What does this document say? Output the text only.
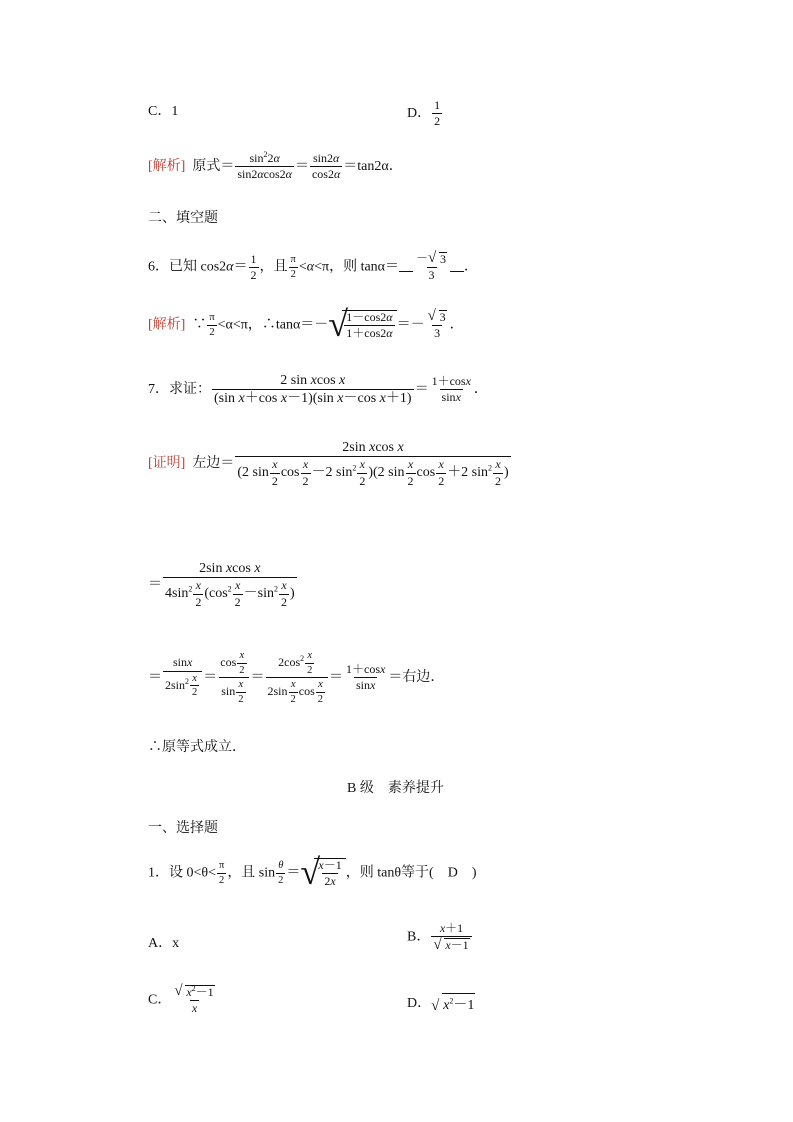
C．1	D． $\frac{1}{2}$
[解析] 原式＝ $\frac{\sin^22\alpha}{\sin 2\alpha\cos 2\alpha} = \frac{\sin 2\alpha}{\cos 2\alpha} =\tan 2\alpha$．
二、填空题
6．已知 $\cos 2\alpha= \frac{1}{2}$ ，且 $\frac{\pi}{2} <\alpha<\pi$，则 tanα＝　 $\frac{- √ 3}{3}$
　 ．
[解析] ∵ $\frac{\pi}{2} <\alpha<\pi$，∴tanα＝－ √ $\frac{1-\cos 2\alpha}{1+\cos 2\alpha}$ ＝－ √ $\frac{3}{3}$ ．
7．求证： $\frac{\text{2 sin xcos x}}{\text{(sin x＋cos x－1)(sin x－cos x＋1)}} = \frac{1+\cos x}{\sin x}$ ．
[证明] 左边＝ $\frac{\text{2sin xcos x}}{(2 \sin \frac{x}{2} \cos \frac{x}{2} -2 \sin^2 \frac{x}{2} )(2 \sin \frac{x}{2} \cos \frac{x}{2} +2 \sin^2 \frac{x}{2} )}$
＝ $\frac{\text{2sin xcos x}}{4\sin^2 \frac{x}{2} (\cos^2 \frac{x}{2} -\sin^2 \frac{x}{2} )}$
＝ $\frac{\sin x}{2\sin^2 \frac{x}{2}} = \frac{\cos \frac{x}{2}}{\sin \frac{x}{2}} = \frac{2\cos^2 \frac{x}{2}}{2\sin \frac{x}{2} \cos \frac{x}{2}} = \frac{1+\cos x}{\sin x}$ ＝右边．
∴原等式成立．
B 级　素养提升
一、选择题
1．设 $0<\theta< \frac{\pi}{2}$ ，且 $\sin \frac{\theta}{2}$ ＝ √ $\frac{x-1}{2x}$ ，则 tanθ等于(　D　)
A．x	B． x＋1
√ x－1
C． √ $\frac{x^2-1}{x}$	D． √ $x^2-1$
